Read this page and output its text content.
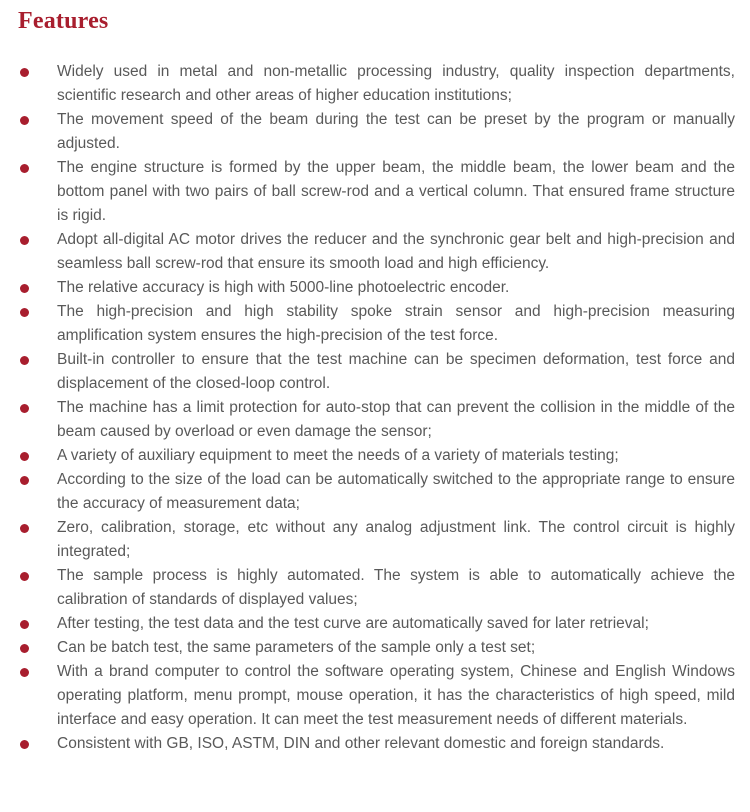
Features
Widely used in metal and non-metallic processing industry, quality inspection departments, scientific research and other areas of higher education institutions;
The movement speed of the beam during the test can be preset by the program or manually adjusted.
The engine structure is formed by the upper beam, the middle beam, the lower beam and the bottom panel with two pairs of ball screw-rod and a vertical column. That ensured frame structure is rigid.
Adopt all-digital AC motor drives the reducer and the synchronic gear belt and high-precision and seamless ball screw-rod that ensure its smooth load and high efficiency.
The relative accuracy is high with 5000-line photoelectric encoder.
The high-precision and high stability spoke strain sensor and high-precision measuring amplification system ensures the high-precision of the test force.
Built-in controller to ensure that the test machine can be specimen deformation, test force and displacement of the closed-loop control.
The machine has a limit protection for auto-stop that can prevent the collision in the middle of the beam caused by overload or even damage the sensor;
A variety of auxiliary equipment to meet the needs of a variety of materials testing;
According to the size of the load can be automatically switched to the appropriate range to ensure the accuracy of measurement data;
Zero, calibration, storage, etc without any analog adjustment link. The control circuit is highly integrated;
The sample process is highly automated. The system is able to automatically achieve the calibration of standards of displayed values;
After testing, the test data and the test curve are automatically saved for later retrieval;
Can be batch test, the same parameters of the sample only a test set;
With a brand computer to control the software operating system, Chinese and English Windows operating platform, menu prompt, mouse operation, it has the characteristics of high speed, mild interface and easy operation. It can meet the test measurement needs of different materials.
Consistent with GB, ISO, ASTM, DIN and other relevant domestic and foreign standards.
